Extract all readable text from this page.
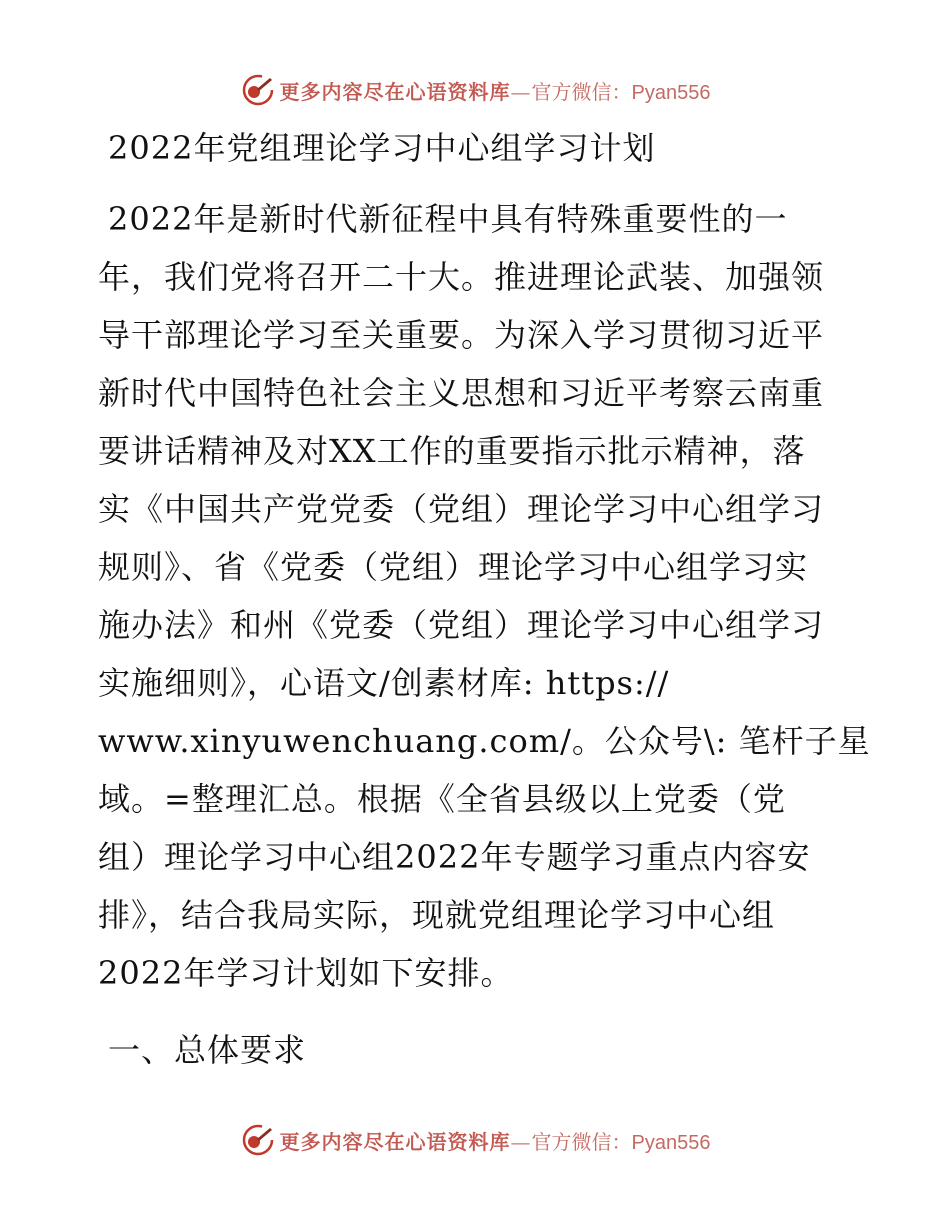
更多内容尽在心语资料库—官方微信：Pyan556
2022年党组理论学习中心组学习计划
2022年是新时代新征程中具有特殊重要性的一
年，我们党将召开二十大。推进理论武装、加强领
导干部理论学习至关重要。为深入学习贯彻习近平
新时代中国特色社会主义思想和习近平考察云南重
要讲话精神及对XX工作的重要指示批示精神，落
实《中国共产党党委（党组）理论学习中心组学习
规则》、省《党委（党组）理论学习中心组学习实
施办法》和州《党委（党组）理论学习中心组学习
实施细则》，心语文/创素材库: https://
www.xinyuwenchuang.com/。公众号\: 笔杆子星
域。=整理汇总。根据《全省县级以上党委（党
组）理论学习中心组2022年专题学习重点内容安
排》，结合我局实际，现就党组理论学习中心组
2022年学习计划如下安排。
一、总体要求
更多内容尽在心语资料库—官方微信：Pyan556
